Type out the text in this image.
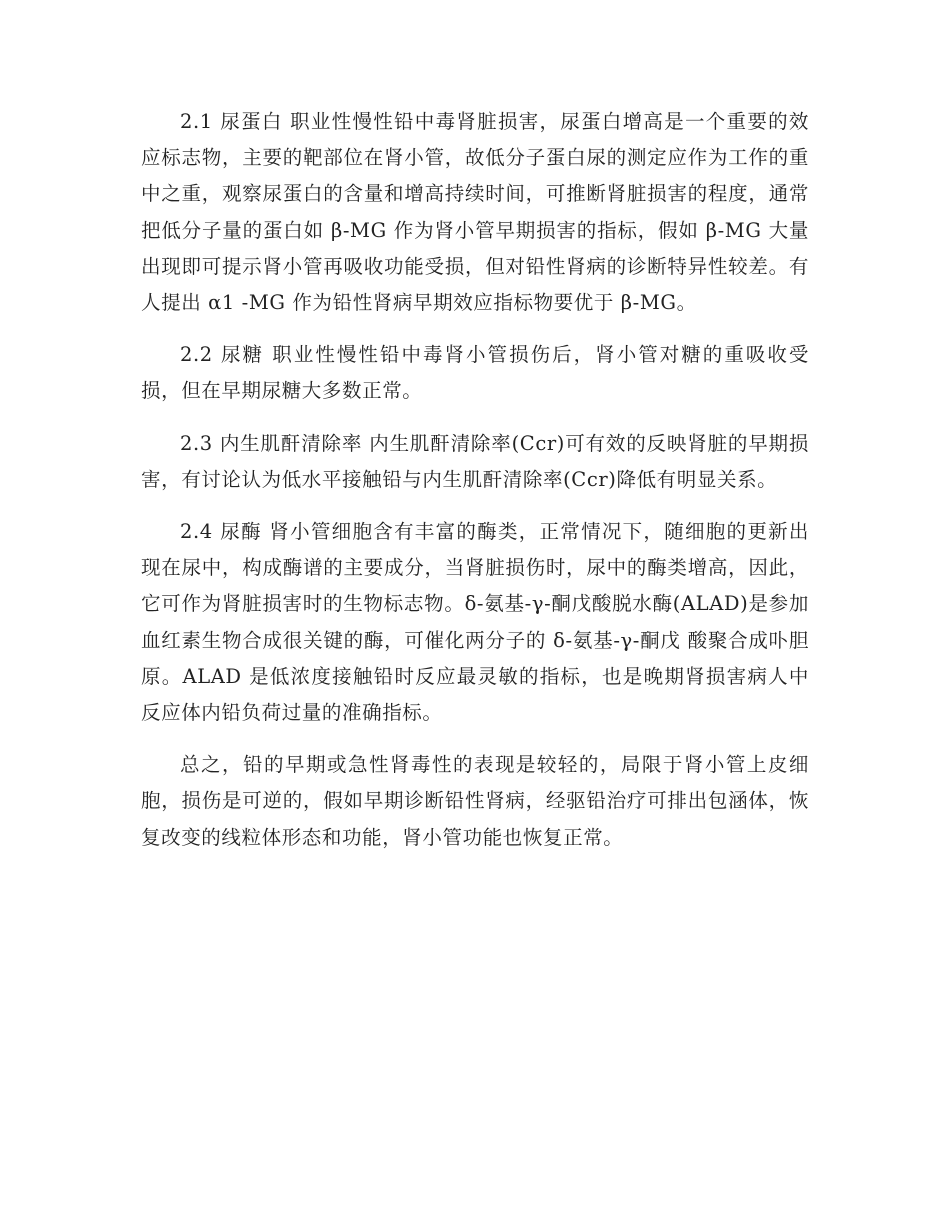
2.1 尿蛋白 职业性慢性铅中毒肾脏损害，尿蛋白增高是一个重要的效应标志物，主要的靶部位在肾小管，故低分子蛋白尿的测定应作为工作的重中之重，观察尿蛋白的含量和增高持续时间，可推断肾脏损害的程度，通常把低分子量的蛋白如 β-MG 作为肾小管早期损害的指标，假如 β-MG 大量出现即可提示肾小管再吸收功能受损，但对铅性肾病的诊断特异性较差。有人提出 α1 -MG 作为铅性肾病早期效应指标物要优于 β-MG。

2.2 尿糖 职业性慢性铅中毒肾小管损伤后，肾小管对糖的重吸收受损，但在早期尿糖大多数正常。

2.3 内生肌酐清除率 内生肌酐清除率(Ccr)可有效的反映肾脏的早期损害，有讨论认为低水平接触铅与内生肌酐清除率(Ccr)降低有明显关系。

2.4 尿酶 肾小管细胞含有丰富的酶类，正常情况下，随细胞的更新出现在尿中，构成酶谱的主要成分，当肾脏损伤时，尿中的酶类增高，因此，它可作为肾脏损害时的生物标志物。δ-氨基-γ-酮戊酸脱水酶(ALAD)是参加血红素生物合成很关键的酶，可催化两分子的 δ-氨基-γ-酮戊 酸聚合成卟胆原。ALAD 是低浓度接触铅时反应最灵敏的指标，也是晚期肾损害病人中反应体内铅负荷过量的准确指标。

总之，铅的早期或急性肾毒性的表现是较轻的，局限于肾小管上皮细胞，损伤是可逆的，假如早期诊断铅性肾病，经驱铅治疗可排出包涵体，恢复改变的线粒体形态和功能，肾小管功能也恢复正常。
